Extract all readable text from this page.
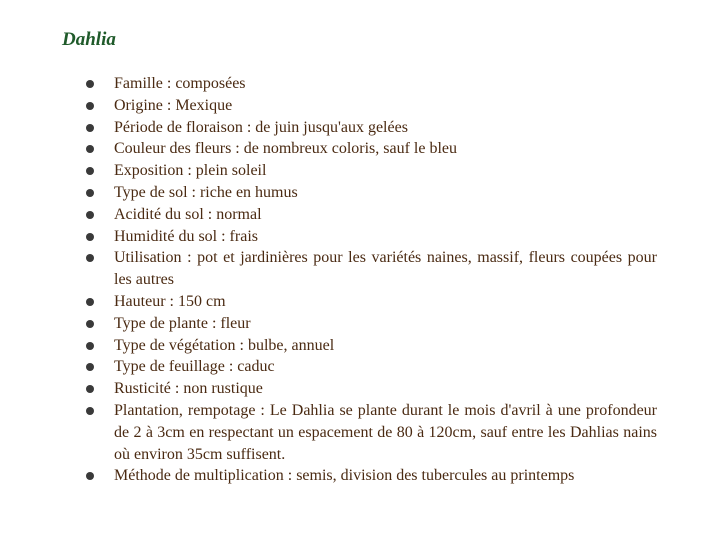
Dahlia
Famille : composées
Origine : Mexique
Période de floraison : de juin jusqu'aux gelées
Couleur des fleurs : de nombreux coloris, sauf le bleu
Exposition : plein soleil
Type de sol : riche en humus
Acidité du sol : normal
Humidité du sol : frais
Utilisation : pot et jardinières pour les variétés naines, massif, fleurs coupées pour les autres
Hauteur : 150 cm
Type de plante : fleur
Type de végétation : bulbe, annuel
Type de feuillage : caduc
Rusticité : non rustique
Plantation, rempotage : Le Dahlia se plante durant le mois d'avril à une profondeur de 2 à 3cm en respectant un espacement de 80 à 120cm, sauf entre les Dahlias nains où environ 35cm suffisent.
Méthode de multiplication : semis, division des tubercules au printemps
